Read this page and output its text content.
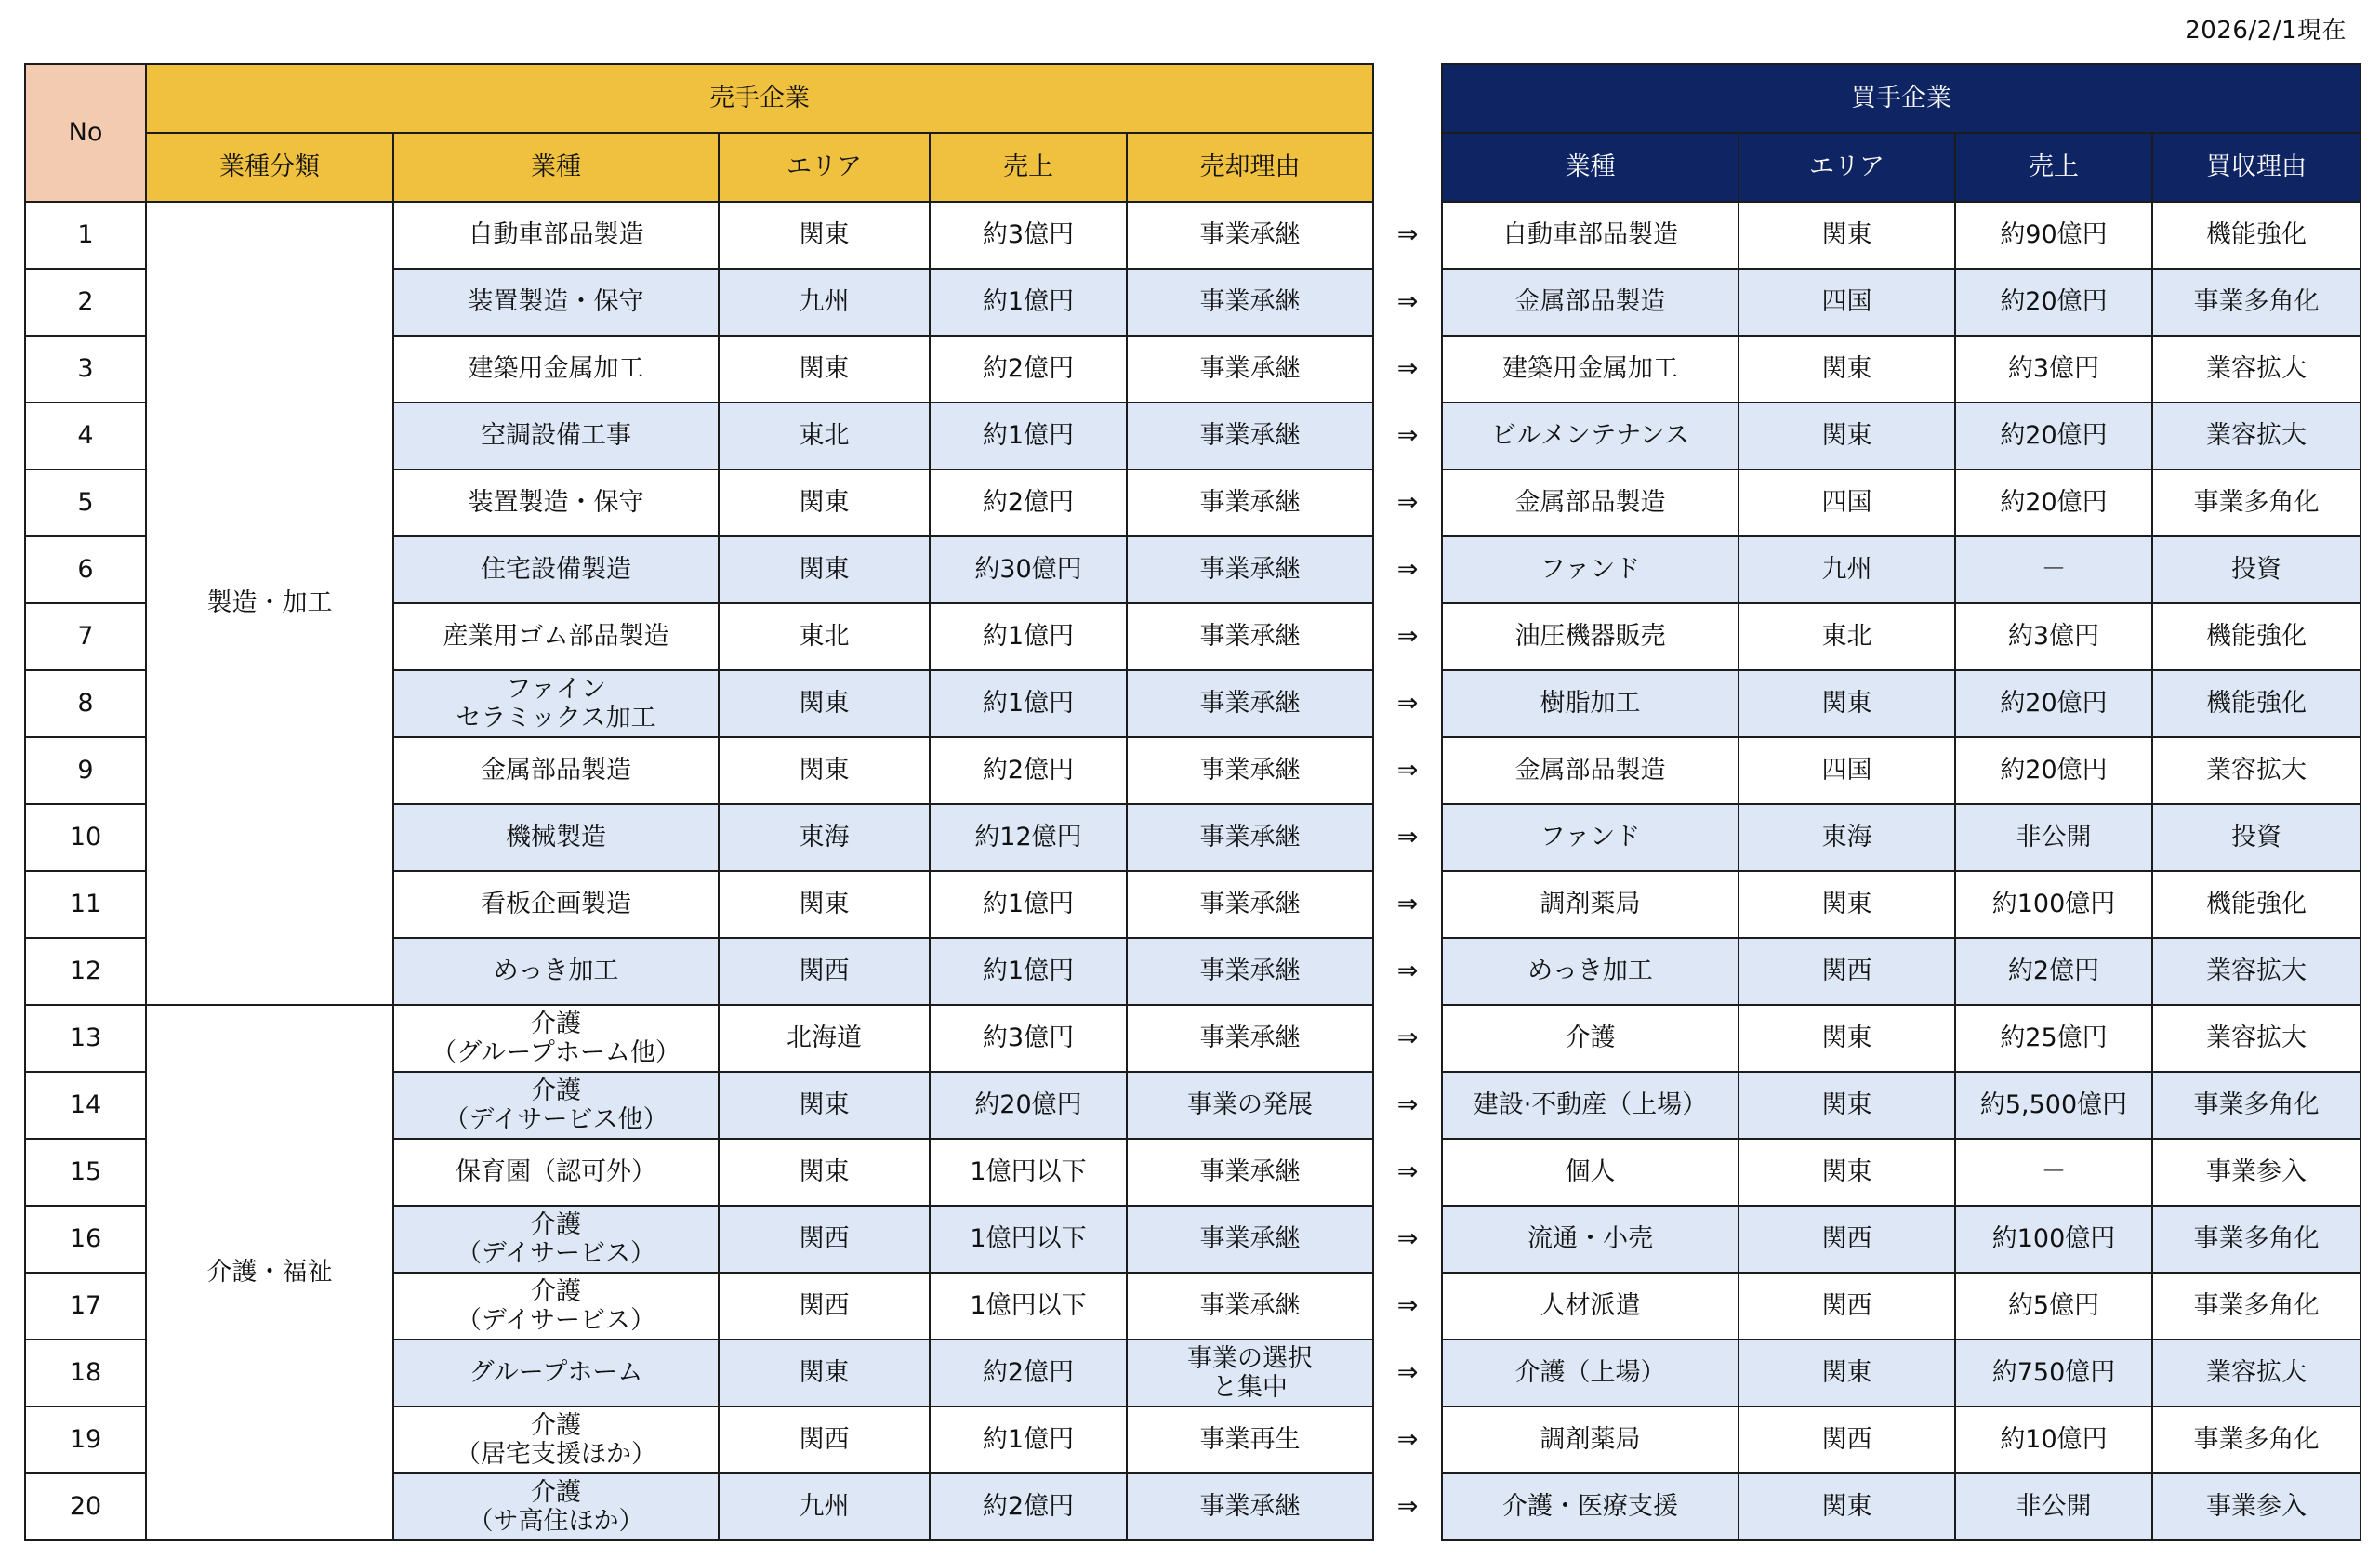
2026/2/1現在
No	売手企業						買手企業			
	業種分類	業種	エリア	売上	売却理由		業種	エリア	売上	買収理由
1	製造・加工	自動車部品製造	関東	約3億円	事業承継	⇒	自動車部品製造	関東	約90億円	機能強化
2		装置製造・保守	九州	約1億円	事業承継	⇒	金属部品製造	四国	約20億円	事業多角化
3		建築用金属加工	関東	約2億円	事業承継	⇒	建築用金属加工	関東	約3億円	業容拡大
4		空調設備工事	東北	約1億円	事業承継	⇒	ビルメンテナンス	関東	約20億円	業容拡大
5		装置製造・保守	関東	約2億円	事業承継	⇒	金属部品製造	四国	約20億円	事業多角化
6		住宅設備製造	関東	約30億円	事業承継	⇒	ファンド	九州	－	投資
7		産業用ゴム部品製造	東北	約1億円	事業承継	⇒	油圧機器販売	東北	約3億円	機能強化
8		ファイン
セラミックス加工	関東	約1億円	事業承継	⇒	樹脂加工	関東	約20億円	機能強化
9		金属部品製造	関東	約2億円	事業承継	⇒	金属部品製造	四国	約20億円	業容拡大
10		機械製造	東海	約12億円	事業承継	⇒	ファンド	東海	非公開	投資
11		看板企画製造	関東	約1億円	事業承継	⇒	調剤薬局	関東	約100億円	機能強化
12		めっき加工	関西	約1億円	事業承継	⇒	めっき加工	関西	約2億円	業容拡大
13	介護・福祉	介護
（グループホーム他）	北海道	約3億円	事業承継	⇒	介護	関東	約25億円	業容拡大
14		介護
（デイサービス他）	関東	約20億円	事業の発展	⇒	建設·不動産（上場）	関東	約5,500億円	事業多角化
15		保育園（認可外）	関東	1億円以下	事業承継	⇒	個人	関東	－	事業参入
16		介護
（デイサービス）	関西	1億円以下	事業承継	⇒	流通・小売	関西	約100億円	事業多角化
17		介護
（デイサービス）	関西	1億円以下	事業承継	⇒	人材派遣	関西	約5億円	事業多角化
18		グループホーム	関東	約2億円	事業の選択
と集中	⇒	介護（上場）	関東	約750億円	業容拡大
19		介護
（居宅支援ほか）	関西	約1億円	事業再生	⇒	調剤薬局	関西	約10億円	事業多角化
20		介護
（サ高住ほか）	九州	約2億円	事業承継	⇒	介護・医療支援	関東	非公開	事業参入
